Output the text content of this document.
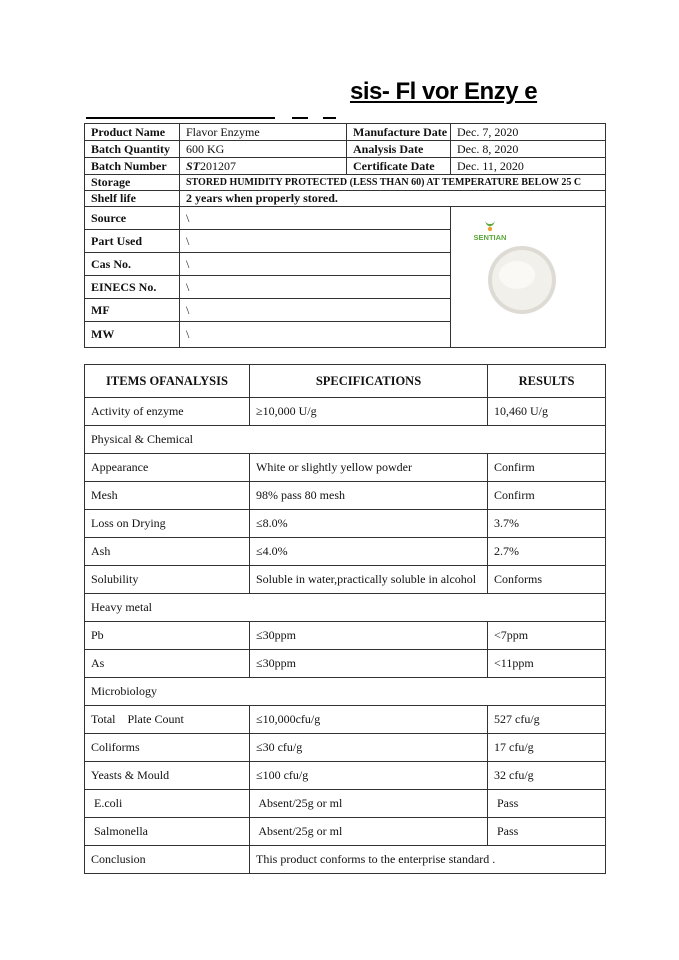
sis- Fl vor Enzy e
Product Name	Flavor Enzyme	Manufacture Date	Dec. 7, 2020
Batch Quantity	600 KG	Analysis Date	Dec. 8, 2020
Batch Number	ST201207	Certificate Date	Dec. 11, 2020
Storage	STORED HUMIDITY PROTECTED (LESS THAN 60) AT TEMPERATURE BELOW 25 C		
Shelf life	2 years when properly stored.		
Source	\		SENTIAN

Part Used	\		
Cas No.	\		
EINECS No.	\		
MF	\		
MW	\		
ITEMS OFANALYSIS	SPECIFICATIONS	RESULTS
Activity of enzyme	≥10,000 U/g	10,460 U/g
Physical & Chemical		
Appearance	White or slightly yellow powder	Confirm
Mesh	98% pass 80 mesh	Confirm
Loss on Drying	≤8.0%	3.7%
Ash	≤4.0%	2.7%
Solubility	Soluble in water,practically soluble in alcohol	Conforms
Heavy metal		
Pb	≤30ppm	<7ppm
As	≤30ppm	<11ppm
Microbiology		
Total    Plate Count	≤10,000cfu/g	527 cfu/g
Coliforms	≤30 cfu/g	17 cfu/g
Yeasts & Mould	≤100 cfu/g	32 cfu/g
E.coli	Absent/25g or ml	Pass
Salmonella	Absent/25g or ml	Pass
Conclusion	This product conforms to the enterprise standard .	
